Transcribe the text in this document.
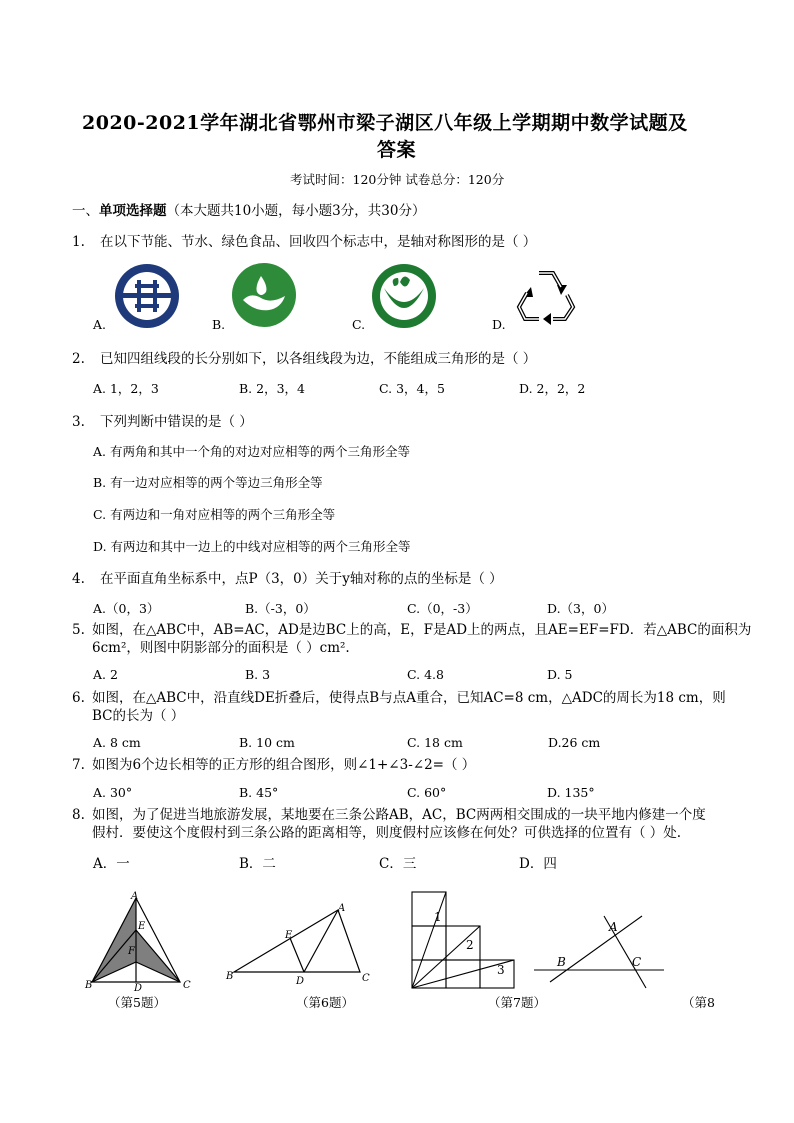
2020-2021学年湖北省鄂州市梁子湖区八年级上学期期中数学试题及
答案
考试时间：120分钟 试卷总分：120分
一、单项选择题（本大题共10小题，每小题3分，共30分）
1. 在以下节能、节水、绿色食品、回收四个标志中，是轴对称图形的是（ ）
A.	B.	C.	D.
2. 已知四组线段的长分别如下，以各组线段为边，不能组成三角形的是（ ）
A. 1，2，3	B. 2，3，4	C. 3，4，5	D. 2，2，2
3. 下列判断中错误的是（ ）
A. 有两角和其中一个角的对边对应相等的两个三角形全等
B. 有一边对应相等的两个等边三角形全等
C. 有两边和一角对应相等的两个三角形全等
D. 有两边和其中一边上的中线对应相等的两个三角形全等
4. 在平面直角坐标系中，点P（3，0）关于y轴对称的点的坐标是（ ）
A.（0，3）	B.（-3，0）	C.（0，-3）	D.（3，0）
5. 如图，在△ABC中，AB=AC，AD是边BC上的高，E，F是AD上的两点，且AE=EF=FD．若△ABC的面积为
6cm²，则图中阴影部分的面积是（ ）cm².
A. 2	B. 3	C. 4.8	D. 5
6. 如图，在△ABC中，沿直线DE折叠后，使得点B与点A重合，已知AC=8 cm，△ADC的周长为18 cm，则
BC的长为（ ）
A. 8 cm	B. 10 cm	C. 18 cm	D.26 cm
7. 如图为6个边长相等的正方形的组合图形，则∠1+∠3-∠2=（ ）
A. 30°	B. 45°	C. 60°	D. 135°
8. 如图，为了促进当地旅游发展，某地要在三条公路AB，AC，BC两两相交围成的一块平地内修建一个度
假村．要使这个度假村到三条公路的距离相等，则度假村应该修在何处？可供选择的位置有（ ）处.
A．一	B．二	C．三	D．四
A
E
F
B	C
D
（第5题）
A
E
B	D	C
（第6题）
1
2
3
（第7题）
A
B	C
（第8
